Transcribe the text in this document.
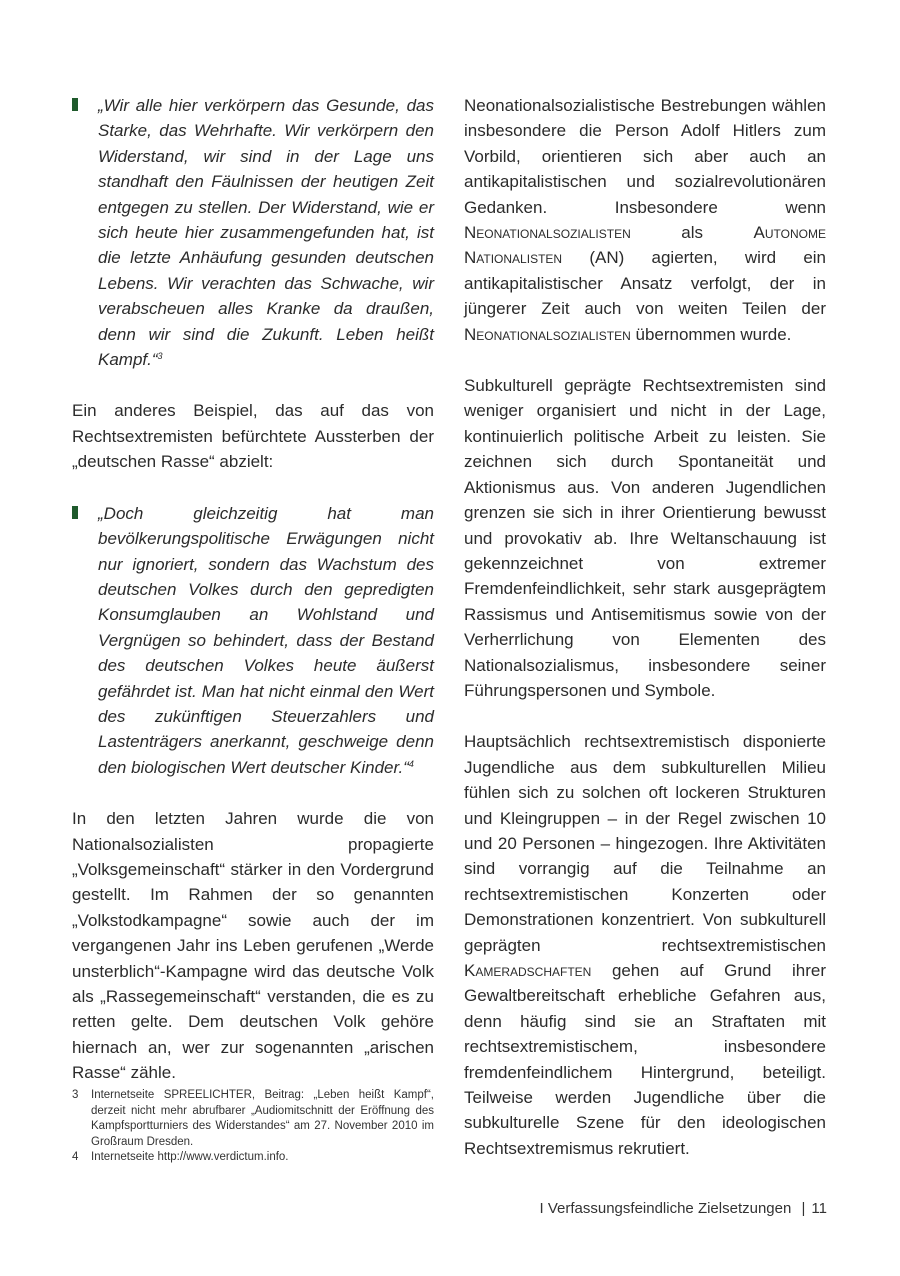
„Wir alle hier verkörpern das Gesunde, das Starke, das Wehrhafte. Wir verkörpern den Widerstand, wir sind in der Lage uns standhaft den Fäulnissen der heutigen Zeit entgegen zu stellen. Der Widerstand, wie er sich heute hier zusammengefunden hat, ist die letzte Anhäufung gesunden deutschen Lebens. Wir verachten das Schwache, wir verabscheuen alles Kranke da draußen, denn wir sind die Zukunft. Leben heißt Kampf.“$^3$

Ein anderes Beispiel, das auf das von Rechtsextremisten befürchtete Aussterben der „deutschen Rasse“ abzielt:

„Doch gleichzeitig hat man bevölkerungspolitische Erwägungen nicht nur ignoriert, sondern das Wachstum des deutschen Volkes durch den gepredigten Konsumglauben an Wohlstand und Vergnügen so behindert, dass der Bestand des deutschen Volkes heute äußerst gefährdet ist. Man hat nicht einmal den Wert des zukünftigen Steuerzahlers und Lastenträgers anerkannt, geschweige denn den biologischen Wert deutscher Kinder.“$^4$

In den letzten Jahren wurde die von Nationalsozialisten propagierte „Volksgemeinschaft“ stärker in den Vordergrund gestellt. Im Rahmen der so genannten „Volkstodkampagne“ sowie auch der im vergangenen Jahr ins Leben gerufenen „Werde unsterblich“-Kampagne wird das deutsche Volk als „Rassegemeinschaft“ verstanden, die es zu retten gelte. Dem deutschen Volk gehöre hiernach an, wer zur sogenannten „arischen Rasse“ zähle.

Neonationalsozialistische Bestrebungen wählen insbesondere die Person Adolf Hitlers zum Vorbild, orientieren sich aber auch an antikapitalistischen und sozialrevolutionären Gedanken. Insbesondere wenn Neonationalsozialisten als Autonome Nationalisten (AN) agierten, wird ein antikapitalistischer Ansatz verfolgt, der in jüngerer Zeit auch von weiten Teilen der Neonationalsozialisten übernommen wurde.

Subkulturell geprägte Rechtsextremisten sind weniger organisiert und nicht in der Lage, kontinuierlich politische Arbeit zu leisten. Sie zeichnen sich durch Spontaneität und Aktionismus aus. Von anderen Jugendlichen grenzen sie sich in ihrer Orientierung bewusst und provokativ ab. Ihre Weltanschauung ist gekennzeichnet von extremer Fremdenfeindlichkeit, sehr stark ausgeprägtem Rassismus und Antisemitismus sowie von der Verherrlichung von Elementen des Nationalsozialismus, insbesondere seiner Führungspersonen und Symbole.

Hauptsächlich rechtsextremistisch disponierte Jugendliche aus dem subkulturellen Milieu fühlen sich zu solchen oft lockeren Strukturen und Kleingruppen – in der Regel zwischen 10 und 20 Personen – hingezogen. Ihre Aktivitäten sind vorrangig auf die Teilnahme an rechtsextremistischen Konzerten oder Demonstrationen konzentriert. Von subkulturell geprägten rechtsextremistischen Kameradschaften gehen auf Grund ihrer Gewaltbereitschaft erhebliche Gefahren aus, denn häufig sind sie an Straftaten mit rechtsextremistischem, insbesondere fremdenfeindlichem Hintergrund, beteiligt. Teilweise werden Jugendliche über die subkulturelle Szene für den ideologischen Rechtsextremismus rekrutiert.

3 Internetseite SPREELICHTER, Beitrag: „Leben heißt Kampf“, derzeit nicht mehr abrufbarer „Audiomitschnitt der Eröffnung des Kampfsportturniers des Widerstandes“ am 27. November 2010 im Großraum Dresden.
4 Internetseite http://www.verdictum.info.
I Verfassungsfeindliche Zielsetzungen | 11
